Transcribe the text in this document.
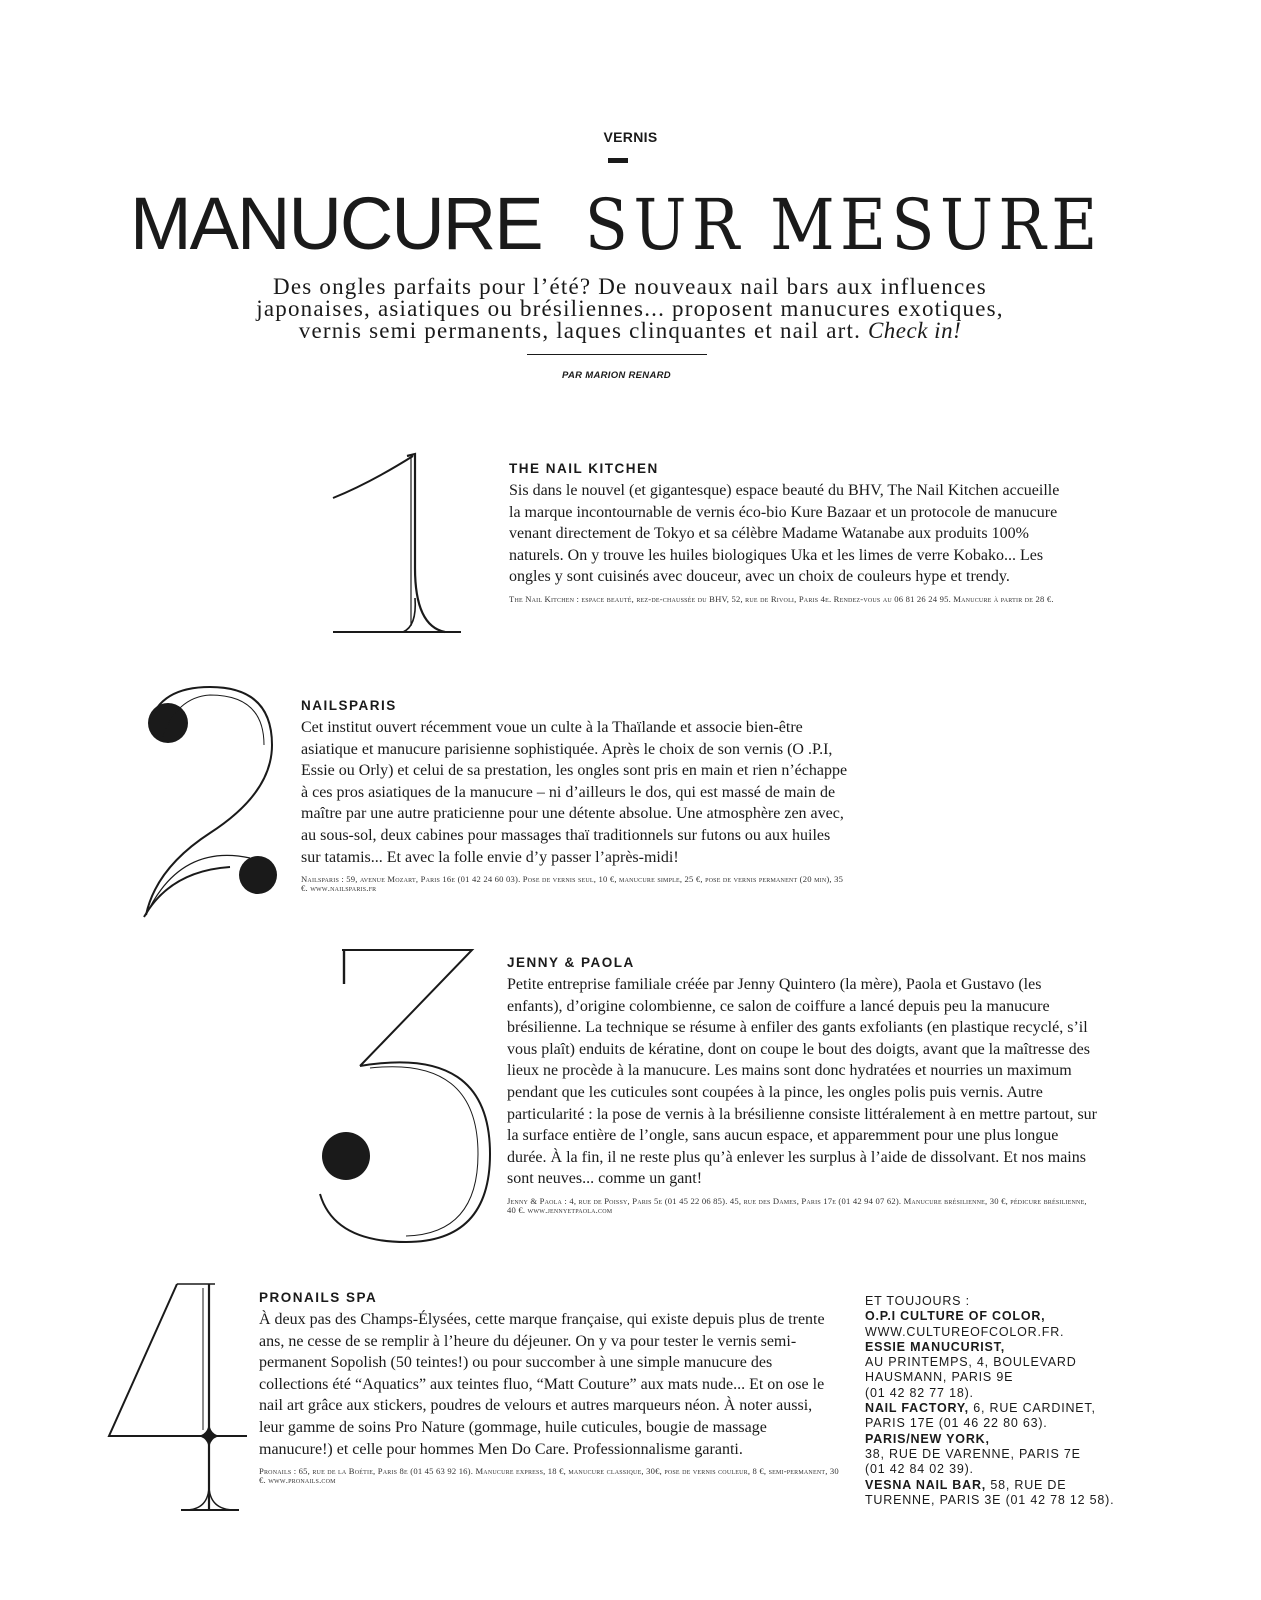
VERNIS
MANUCURE SUR MESURE
Des ongles parfaits pour l’été? De nouveaux nail bars aux influences
japonaises, asiatiques ou brésiliennes... proposent manucures exotiques,
vernis semi permanents, laques clinquantes et nail art. Check in!
PAR MARION RENARD

THE NAIL KITCHEN

Sis dans le nouvel (et gigantesque) espace beauté du BHV, The Nail Kitchen accueille la marque incontournable de vernis éco-bio Kure Bazaar et un protocole de manucure venant directement de Tokyo et sa célèbre Madame Watanabe aux produits 100% naturels. On y trouve les huiles biologiques Uka et les limes de verre Kobako... Les ongles y sont cuisinés avec douceur, avec un choix de couleurs hype et trendy.

The Nail Kitchen : espace beauté, rez-de-chaussée du BHV, 52, rue de Rivoli, Paris 4e. Rendez-vous au 06 81 26 24 95. Manucure à partir de 28 €.

NAILSPARIS

Cet institut ouvert récemment voue un culte à la Thaïlande et associe bien-être asiatique et manucure parisienne sophistiquée. Après le choix de son vernis (O .P.I, Essie ou Orly) et celui de sa prestation, les ongles sont pris en main et rien n’échappe à ces pros asiatiques de la manucure – ni d’ailleurs le dos, qui est massé de main de maître par une autre praticienne pour une détente absolue. Une atmosphère zen avec, au sous-sol, deux cabines pour massages thaï traditionnels sur futons ou aux huiles sur tatamis... Et avec la folle envie d’y passer l’après-midi!

Nailsparis : 59, avenue Mozart, Paris 16e (01 42 24 60 03). Pose de vernis seul, 10 €, manucure simple, 25 €, pose de vernis permanent (20 min), 35 €. www.nailsparis.fr

JENNY & PAOLA

Petite entreprise familiale créée par Jenny Quintero (la mère), Paola et Gustavo (les enfants), d’origine colombienne, ce salon de coiffure a lancé depuis peu la manucure brésilienne. La technique se résume à enfiler des gants exfoliants (en plastique recyclé, s’il vous plaît) enduits de kératine, dont on coupe le bout des doigts, avant que la maîtresse des lieux ne procède à la manucure. Les mains sont donc hydratées et nourries un maximum pendant que les cuticules sont coupées à la pince, les ongles polis puis vernis. Autre particularité : la pose de vernis à la brésilienne consiste littéralement à en mettre partout, sur la surface entière de l’ongle, sans aucun espace, et apparemment pour une plus longue durée. À la fin, il ne reste plus qu’à enlever les surplus à l’aide de dissolvant. Et nos mains sont neuves... comme un gant!

Jenny & Paola : 4, rue de Poissy, Paris 5e (01 45 22 06 85). 45, rue des Dames, Paris 17e (01 42 94 07 62). Manucure brésilienne, 30 €, pédicure brésilienne, 40 €. www.jennyetpaola.com

PRONAILS SPA

À deux pas des Champs-Élysées, cette marque française, qui existe depuis plus de trente ans, ne cesse de se remplir à l’heure du déjeuner. On y va pour tester le vernis semi-permanent Sopolish (50 teintes!) ou pour succomber à une simple manucure des collections été “Aquatics” aux teintes fluo, “Matt Couture” aux mats nude... Et on ose le nail art grâce aux stickers, poudres de velours et autres marqueurs néon. À noter aussi, leur gamme de soins Pro Nature (gommage, huile cuticules, bougie de massage manucure!) et celle pour hommes Men Do Care. Professionnalisme garanti.

Pronails : 65, rue de la Boétie, Paris 8e (01 45 63 92 16). Manucure express, 18 €, manucure classique, 30€, pose de vernis couleur, 8 €, semi-permanent, 30 €. www.pronails.com

ET TOUJOURS :

O.P.I CULTURE OF COLOR,

WWW.CULTUREOFCOLOR.FR.

ESSIE MANUCURIST,

AU PRINTEMPS, 4, BOULEVARD

HAUSMANN, PARIS 9E

(01 42 82 77 18).

NAIL FACTORY, 6, RUE CARDINET,

PARIS 17E (01 46 22 80 63).

PARIS/NEW YORK,

38, RUE DE VARENNE, PARIS 7E

(01 42 84 02 39).

VESNA NAIL BAR, 58, RUE DE

TURENNE, PARIS 3E (01 42 78 12 58).
